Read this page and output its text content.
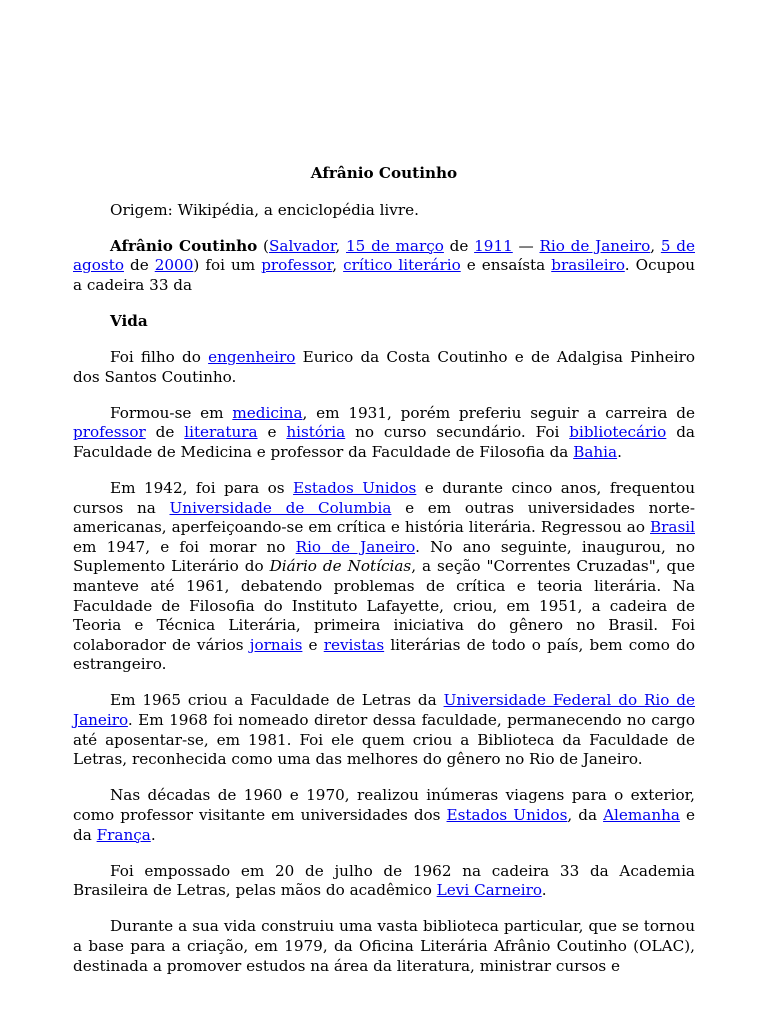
Afrânio Coutinho

Origem: Wikipédia, a enciclopédia livre.

Afrânio Coutinho (Salvador, 15 de março de 1911 — Rio de Janeiro, 5 de agosto de 2000) foi um professor, crítico literário e ensaísta brasileiro. Ocupou a cadeira 33 da

Vida

Foi filho do engenheiro Eurico da Costa Coutinho e de Adalgisa Pinheiro dos Santos Coutinho.

Formou-se em medicina, em 1931, porém preferiu seguir a carreira de professor de literatura e história no curso secundário. Foi bibliotecário da Faculdade de Medicina e professor da Faculdade de Filosofia da Bahia.

Em 1942, foi para os Estados Unidos e durante cinco anos, frequentou cursos na Universidade de Columbia e em outras universidades norte-americanas, aperfeiçoando-se em crítica e história literária. Regressou ao Brasil em 1947, e foi morar no Rio de Janeiro. No ano seguinte, inaugurou, no Suplemento Literário do Diário de Notícias, a seção "Correntes Cruzadas", que manteve até 1961, debatendo problemas de crítica e teoria literária. Na Faculdade de Filosofia do Instituto Lafayette, criou, em 1951, a cadeira de Teoria e Técnica Literária, primeira iniciativa do gênero no Brasil. Foi colaborador de vários jornais e revistas literárias de todo o país, bem como do estrangeiro.

Em 1965 criou a Faculdade de Letras da Universidade Federal do Rio de Janeiro. Em 1968 foi nomeado diretor dessa faculdade, permanecendo no cargo até aposentar-se, em 1981. Foi ele quem criou a Biblioteca da Faculdade de Letras, reconhecida como uma das melhores do gênero no Rio de Janeiro.

Nas décadas de 1960 e 1970, realizou inúmeras viagens para o exterior, como professor visitante em universidades dos Estados Unidos, da Alemanha e da França.

Foi empossado em 20 de julho de 1962 na cadeira 33 da Academia Brasileira de Letras, pelas mãos do acadêmico Levi Carneiro.

Durante a sua vida construiu uma vasta biblioteca particular, que se tornou a base para a criação, em 1979, da Oficina Literária Afrânio Coutinho (OLAC), destinada a promover estudos na área da literatura, ministrar cursos e
